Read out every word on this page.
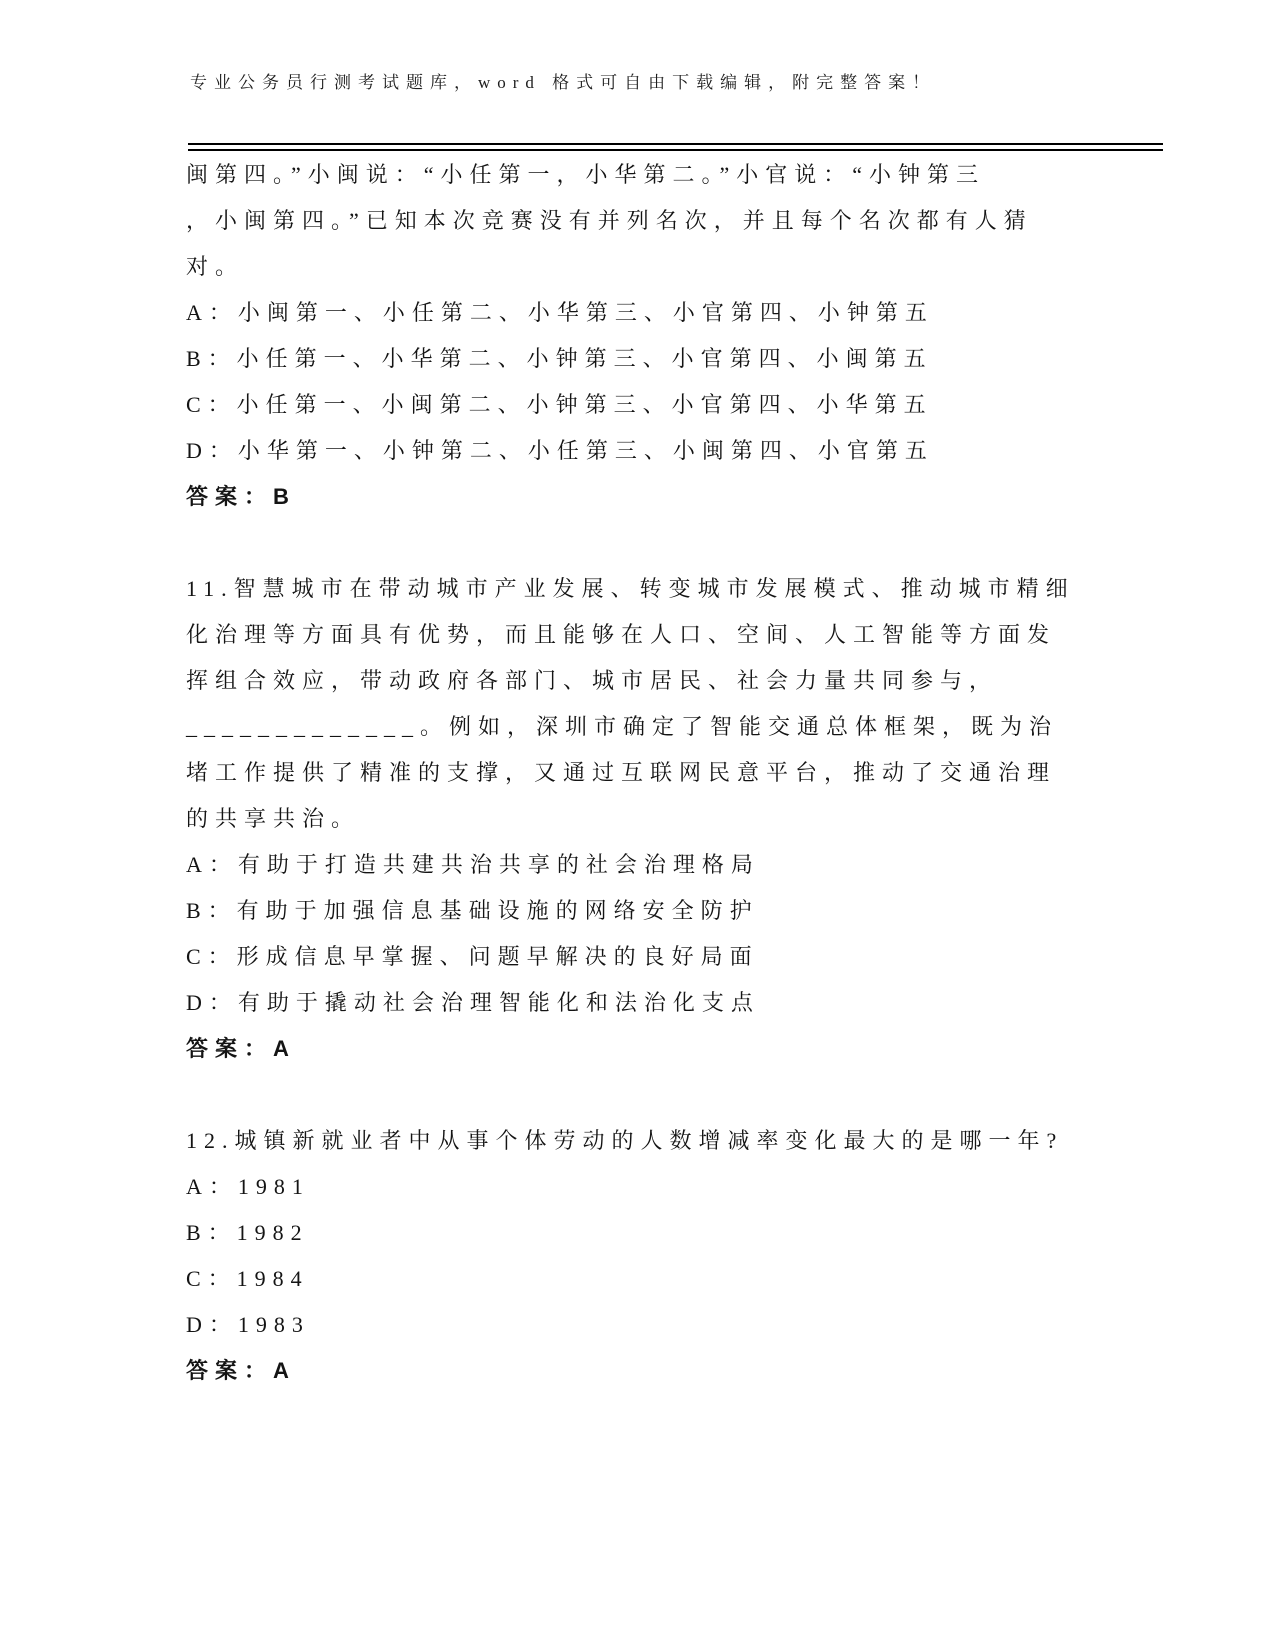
专业公务员行测考试题库，word 格式可自由下载编辑，附完整答案！
闽第四。”小闽说：“小任第一，小华第二。”小官说：“小钟第三
，小闽第四。”已知本次竞赛没有并列名次，并且每个名次都有人猜
对。
A：小闽第一、小任第二、小华第三、小官第四、小钟第五
B：小任第一、小华第二、小钟第三、小官第四、小闽第五
C：小任第一、小闽第二、小钟第三、小官第四、小华第五
D：小华第一、小钟第二、小任第三、小闽第四、小官第五
答案：B
11.智慧城市在带动城市产业发展、转变城市发展模式、推动城市精细
化治理等方面具有优势，而且能够在人口、空间、人工智能等方面发
挥组合效应，带动政府各部门、城市居民、社会力量共同参与，
_____________。例如，深圳市确定了智能交通总体框架，既为治
堵工作提供了精准的支撑，又通过互联网民意平台，推动了交通治理
的共享共治。
A：有助于打造共建共治共享的社会治理格局
B：有助于加强信息基础设施的网络安全防护
C：形成信息早掌握、问题早解决的良好局面
D：有助于撬动社会治理智能化和法治化支点
答案：A
12.城镇新就业者中从事个体劳动的人数增减率变化最大的是哪一年?
A：1981
B：1982
C：1984
D：1983
答案：A
